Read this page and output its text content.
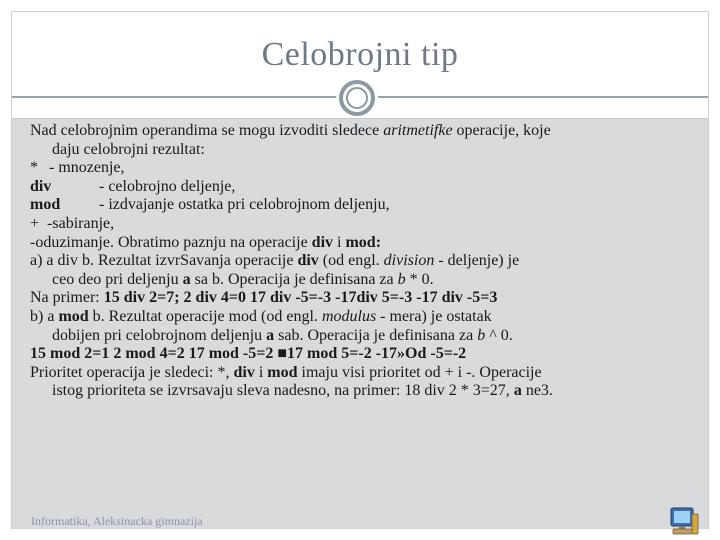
Celobrojni tip

Nad celobrojnim operandima se mogu izvoditi sledece aritmetifke operacije, koje

daju celobrojni rezultat:

* - mnozenje,

div	- celobrojno deljenje,

mod - izdvajanje ostatka pri celobrojnom deljenju,

+ -sabiranje,

-oduzimanje. Obratimo paznju na operacije div i mod:

a) a div b. Rezultat izvrSavanja operacije div (od engl. division - deljenje) je

ceo deo pri deljenju a sa b. Operacija je definisana za b * 0.

Na primer: 15 div 2=7; 2 div 4=0 17 div -5=-3 -17div 5=-3 -17 div -5=3

b) a mod b. Rezultat operacije mod (od engl. modulus - mera) je ostatak

dobijen pri celobrojnom deljenju a sab. Operacija je definisana za b ^ 0.

15 mod 2=1 2 mod 4=2 17 mod -5=2 ■17 mod 5=-2 -17»Od -5=-2

Prioritet operacija je sledeci: *, div i mod imaju visi prioritet od + i -. Operacije

istog prioriteta se izvrsavaju sleva nadesno, na primer: 18 div 2 * 3=27, a ne3.

Informatika, Aleksinacka gimnazija
